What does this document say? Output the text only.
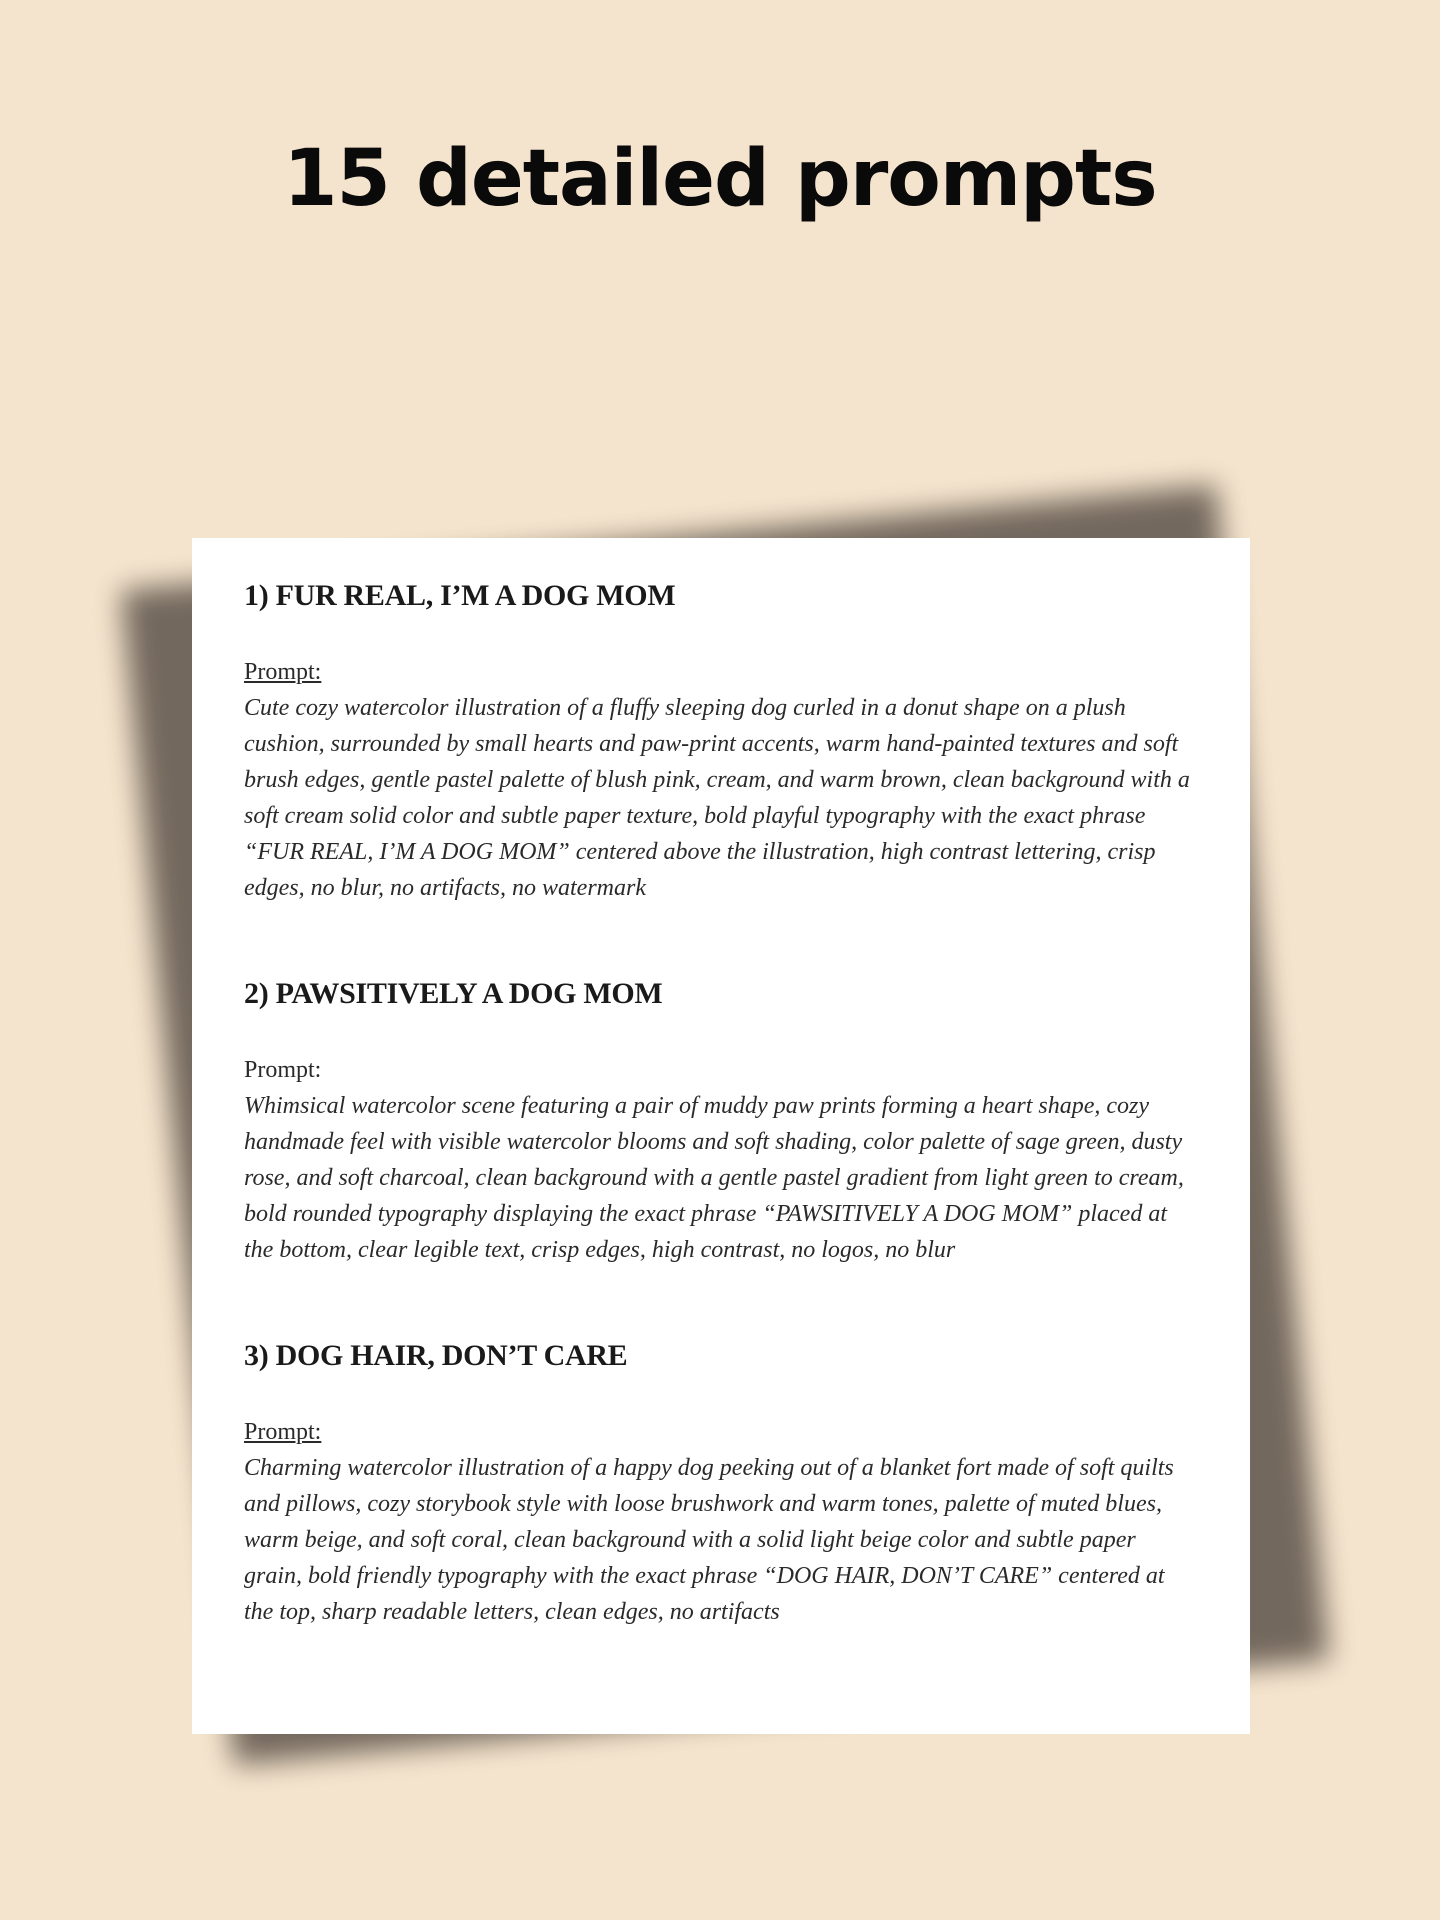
15 detailed prompts
1) FUR REAL, I’M A DOG MOM

Prompt:

Cute cozy watercolor illustration of a fluffy sleeping dog curled in a donut shape on a plush cushion, surrounded by small hearts and paw-print accents, warm hand-painted textures and soft brush edges, gentle pastel palette of blush pink, cream, and warm brown, clean background with a soft cream solid color and subtle paper texture, bold playful typography with the exact phrase “FUR REAL, I’M A DOG MOM” centered above the illustration, high contrast lettering, crisp edges, no blur, no artifacts, no watermark

2) PAWSITIVELY A DOG MOM

Prompt:

Whimsical watercolor scene featuring a pair of muddy paw prints forming a heart shape, cozy handmade feel with visible watercolor blooms and soft shading, color palette of sage green, dusty rose, and soft charcoal, clean background with a gentle pastel gradient from light green to cream, bold rounded typography displaying the exact phrase “PAWSITIVELY A DOG MOM” placed at the bottom, clear legible text, crisp edges, high contrast, no logos, no blur

3) DOG HAIR, DON’T CARE

Prompt:

Charming watercolor illustration of a happy dog peeking out of a blanket fort made of soft quilts and pillows, cozy storybook style with loose brushwork and warm tones, palette of muted blues, warm beige, and soft coral, clean background with a solid light beige color and subtle paper grain, bold friendly typography with the exact phrase “DOG HAIR, DON’T CARE” centered at the top, sharp readable letters, clean edges, no artifacts
